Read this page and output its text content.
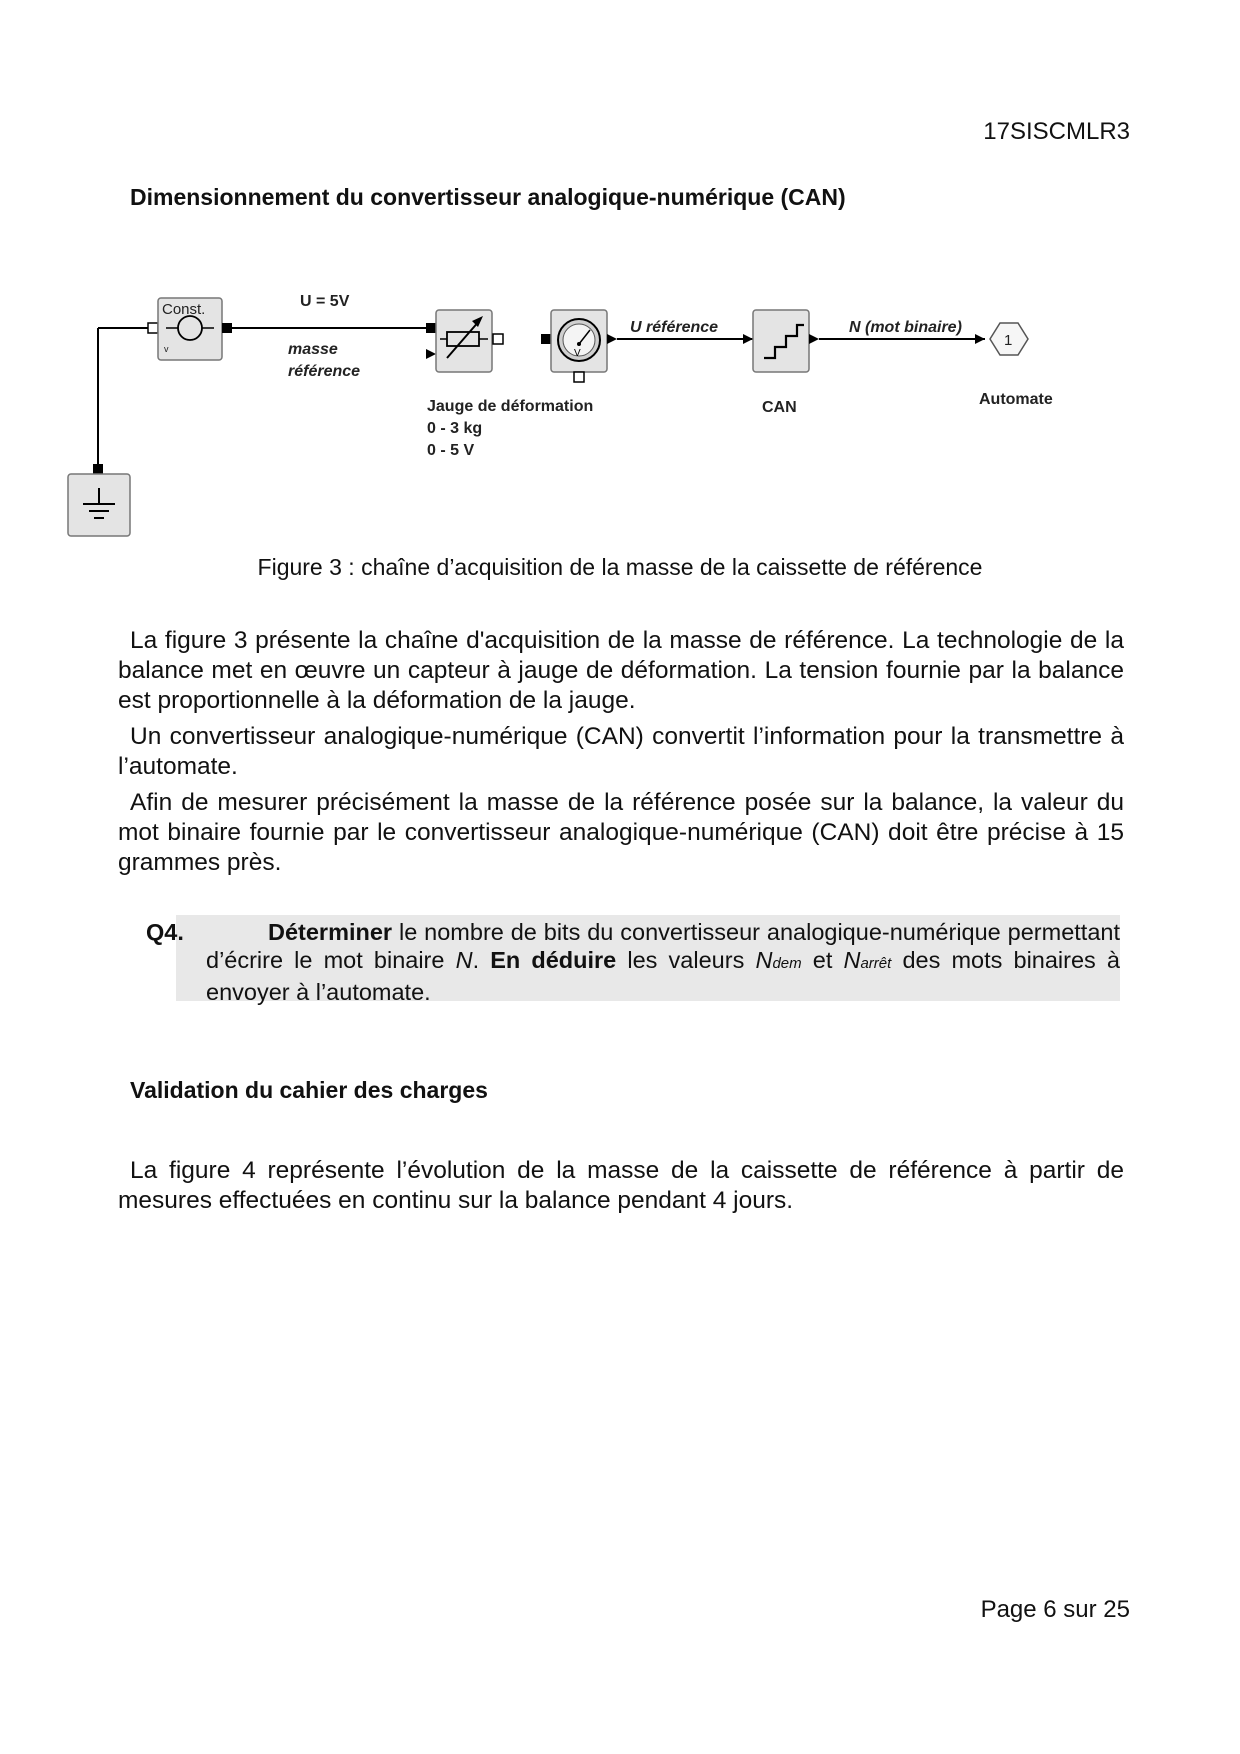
17SISCMLR3
Dimensionnement du convertisseur analogique-numérique (CAN)
Const.
v
U = 5V
masse
référence
Jauge de déformation
0 - 3 kg
0 - 5 V
V
U référence
CAN
N (mot binaire)
1
Automate
Figure 3 : chaîne d’acquisition de la masse de la caissette de référence

La figure 3 présente la chaîne d'acquisition de la masse de référence. La technologie de la balance met en œuvre un capteur à jauge de déformation. La tension fournie par la balance est proportionnelle à la déformation de la jauge.

Un convertisseur analogique-numérique (CAN) convertit l’information pour la transmettre à l’automate.

Afin de mesurer précisément la masse de la référence posée sur la balance, la valeur du mot binaire fournie par le convertisseur analogique-numérique (CAN) doit être précise à 15 grammes près.

Q4.	Déterminer le nombre de bits du convertisseur analogique-numérique permettant d’écrire le mot binaire N. En déduire les valeurs Ndem et Narrêt des mots binaires à envoyer à l’automate.

Validation du cahier des charges

La figure 4 représente l’évolution de la masse de la caissette de référence à partir de mesures effectuées en continu sur la balance pendant 4 jours.

Page 6 sur 25
